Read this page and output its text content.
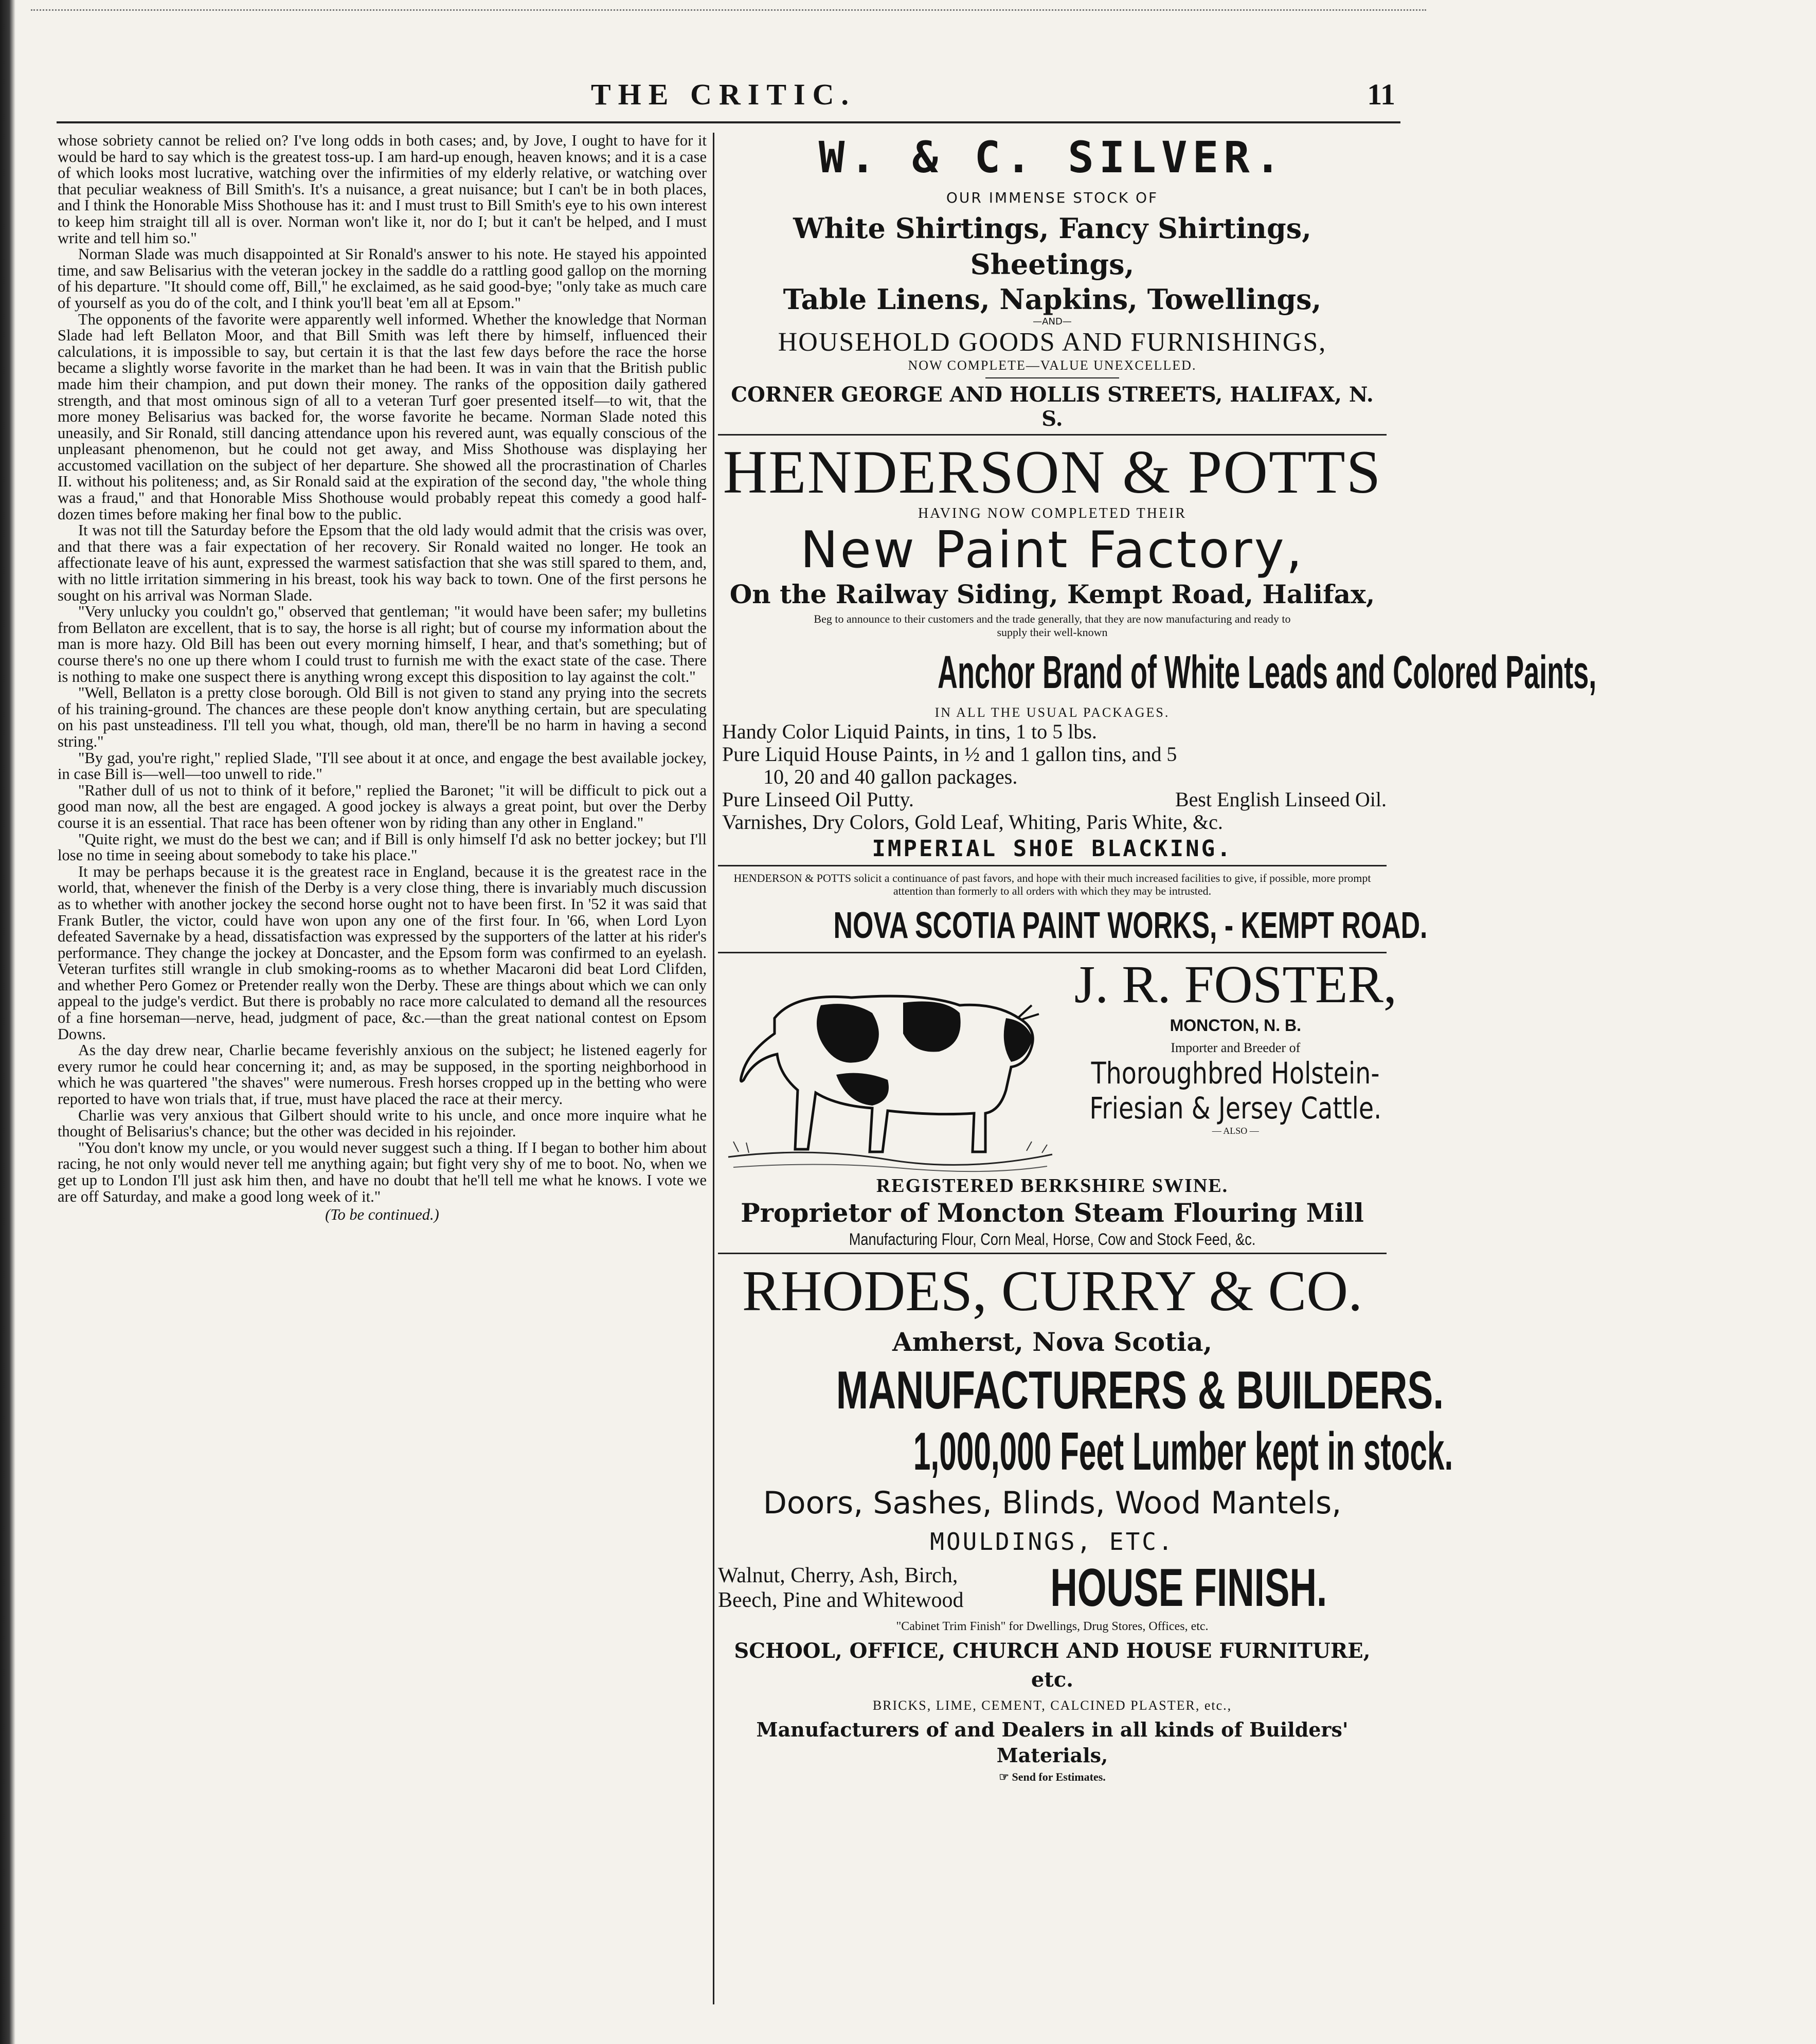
THE CRITIC.	11

whose sobriety cannot be relied on? I've long odds in both cases; and, by Jove, I ought to have for it would be hard to say which is the greatest toss-up. I am hard-up enough, heaven knows; and it is a case of which looks most lucrative, watching over the infirmities of my elderly relative, or watching over that peculiar weakness of Bill Smith's. It's a nuisance, a great nuisance; but I can't be in both places, and I think the Honorable Miss Shothouse has it: and I must trust to Bill Smith's eye to his own interest to keep him straight till all is over. Norman won't like it, nor do I; but it can't be helped, and I must write and tell him so."

Norman Slade was much disappointed at Sir Ronald's answer to his note. He stayed his appointed time, and saw Belisarius with the veteran jockey in the saddle do a rattling good gallop on the morning of his departure. "It should come off, Bill," he exclaimed, as he said good-bye; "only take as much care of yourself as you do of the colt, and I think you'll beat 'em all at Epsom."

The opponents of the favorite were apparently well informed. Whether the knowledge that Norman Slade had left Bellaton Moor, and that Bill Smith was left there by himself, influenced their calculations, it is impossible to say, but certain it is that the last few days before the race the horse became a slightly worse favorite in the market than he had been. It was in vain that the British public made him their champion, and put down their money. The ranks of the opposition daily gathered strength, and that most ominous sign of all to a veteran Turf goer presented itself—to wit, that the more money Belisarius was backed for, the worse favorite he became. Norman Slade noted this uneasily, and Sir Ronald, still dancing attendance upon his revered aunt, was equally conscious of the unpleasant phenomenon, but he could not get away, and Miss Shothouse was displaying her accustomed vacillation on the subject of her departure. She showed all the procrastination of Charles II. without his politeness; and, as Sir Ronald said at the expiration of the second day, "the whole thing was a fraud," and that Honorable Miss Shothouse would probably repeat this comedy a good half-dozen times before making her final bow to the public.

It was not till the Saturday before the Epsom that the old lady would admit that the crisis was over, and that there was a fair expectation of her recovery. Sir Ronald waited no longer. He took an affectionate leave of his aunt, expressed the warmest satisfaction that she was still spared to them, and, with no little irritation simmering in his breast, took his way back to town. One of the first persons he sought on his arrival was Norman Slade.

"Very unlucky you couldn't go," observed that gentleman; "it would have been safer; my bulletins from Bellaton are excellent, that is to say, the horse is all right; but of course my information about the man is more hazy. Old Bill has been out every morning himself, I hear, and that's something; but of course there's no one up there whom I could trust to furnish me with the exact state of the case. There is nothing to make one suspect there is anything wrong except this disposition to lay against the colt."

"Well, Bellaton is a pretty close borough. Old Bill is not given to stand any prying into the secrets of his training-ground. The chances are these people don't know anything certain, but are speculating on his past unsteadiness. I'll tell you what, though, old man, there'll be no harm in having a second string."

"By gad, you're right," replied Slade, "I'll see about it at once, and engage the best available jockey, in case Bill is—well—too unwell to ride."

"Rather dull of us not to think of it before," replied the Baronet; "it will be difficult to pick out a good man now, all the best are engaged. A good jockey is always a great point, but over the Derby course it is an essential. That race has been oftener won by riding than any other in England."

"Quite right, we must do the best we can; and if Bill is only himself I'd ask no better jockey; but I'll lose no time in seeing about somebody to take his place."

It may be perhaps because it is the greatest race in England, because it is the greatest race in the world, that, whenever the finish of the Derby is a very close thing, there is invariably much discussion as to whether with another jockey the second horse ought not to have been first. In '52 it was said that Frank Butler, the victor, could have won upon any one of the first four. In '66, when Lord Lyon defeated Savernake by a head, dissatisfaction was expressed by the supporters of the latter at his rider's performance. They change the jockey at Doncaster, and the Epsom form was confirmed to an eyelash. Veteran turfites still wrangle in club smoking-rooms as to whether Macaroni did beat Lord Clifden, and whether Pero Gomez or Pretender really won the Derby. These are things about which we can only appeal to the judge's verdict. But there is probably no race more calculated to demand all the resources of a fine horseman—nerve, head, judgment of pace, &c.—than the great national contest on Epsom Downs.

As the day drew near, Charlie became feverishly anxious on the subject; he listened eagerly for every rumor he could hear concerning it; and, as may be supposed, in the sporting neighborhood in which he was quartered "the shaves" were numerous. Fresh horses cropped up in the betting who were reported to have won trials that, if true, must have placed the race at their mercy.

Charlie was very anxious that Gilbert should write to his uncle, and once more inquire what he thought of Belisarius's chance; but the other was decided in his rejoinder.

"You don't know my uncle, or you would never suggest such a thing. If I began to bother him about racing, he not only would never tell me anything again; but fight very shy of me to boot. No, when we get up to London I'll just ask him then, and have no doubt that he'll tell me what he knows. I vote we are off Saturday, and make a good long week of it."

(To be continued.)

W. & C. SILVER.
OUR IMMENSE STOCK OF
White Shirtings, Fancy Shirtings, Sheetings,
Table Linens, Napkins, Towellings,
—AND—
HOUSEHOLD GOODS AND FURNISHINGS,
NOW COMPLETE—VALUE UNEXCELLED.
CORNER GEORGE AND HOLLIS STREETS, HALIFAX, N. S.
HENDERSON & POTTS
HAVING NOW COMPLETED THEIR
New Paint Factory,
On the Railway Siding, Kempt Road, Halifax,
Beg to announce to their customers and the trade generally, that they are now manufacturing and ready to supply their well-known
Anchor Brand of White Leads and Colored Paints,
IN ALL THE USUAL PACKAGES.
Handy Color Liquid Paints, in tins, 1 to 5 lbs.
Pure Liquid House Paints, in ½ and 1 gallon tins, and 5
10, 20 and 40 gallon packages.
Pure Linseed Oil Putty.	Best English Linseed Oil.
Varnishes, Dry Colors, Gold Leaf, Whiting, Paris White, &c.
IMPERIAL SHOE BLACKING.
HENDERSON & POTTS solicit a continuance of past favors, and hope with their much increased facilities to give, if possible, more prompt attention than formerly to all orders with which they may be intrusted.
NOVA SCOTIA PAINT WORKS, - KEMPT ROAD.
J. R. FOSTER,
MONCTON, N. B.
Importer and Breeder of
Thoroughbred Holstein-
Friesian & Jersey Cattle.
— ALSO —
REGISTERED BERKSHIRE SWINE.
Proprietor of Moncton Steam Flouring Mill
Manufacturing Flour, Corn Meal, Horse, Cow and Stock Feed, &c.
RHODES, CURRY & CO.
Amherst, Nova Scotia,
MANUFACTURERS & BUILDERS.
1,000,000 Feet Lumber kept in stock.
Doors, Sashes, Blinds, Wood Mantels,
MOULDINGS, ETC.
Walnut, Cherry, Ash, Birch,
Beech, Pine and Whitewood	HOUSE FINISH.
"Cabinet Trim Finish" for Dwellings, Drug Stores, Offices, etc.
SCHOOL, OFFICE, CHURCH AND HOUSE FURNITURE, etc.
BRICKS, LIME, CEMENT, CALCINED PLASTER, etc.,
Manufacturers of and Dealers in all kinds of Builders' Materials,
☞ Send for Estimates.
